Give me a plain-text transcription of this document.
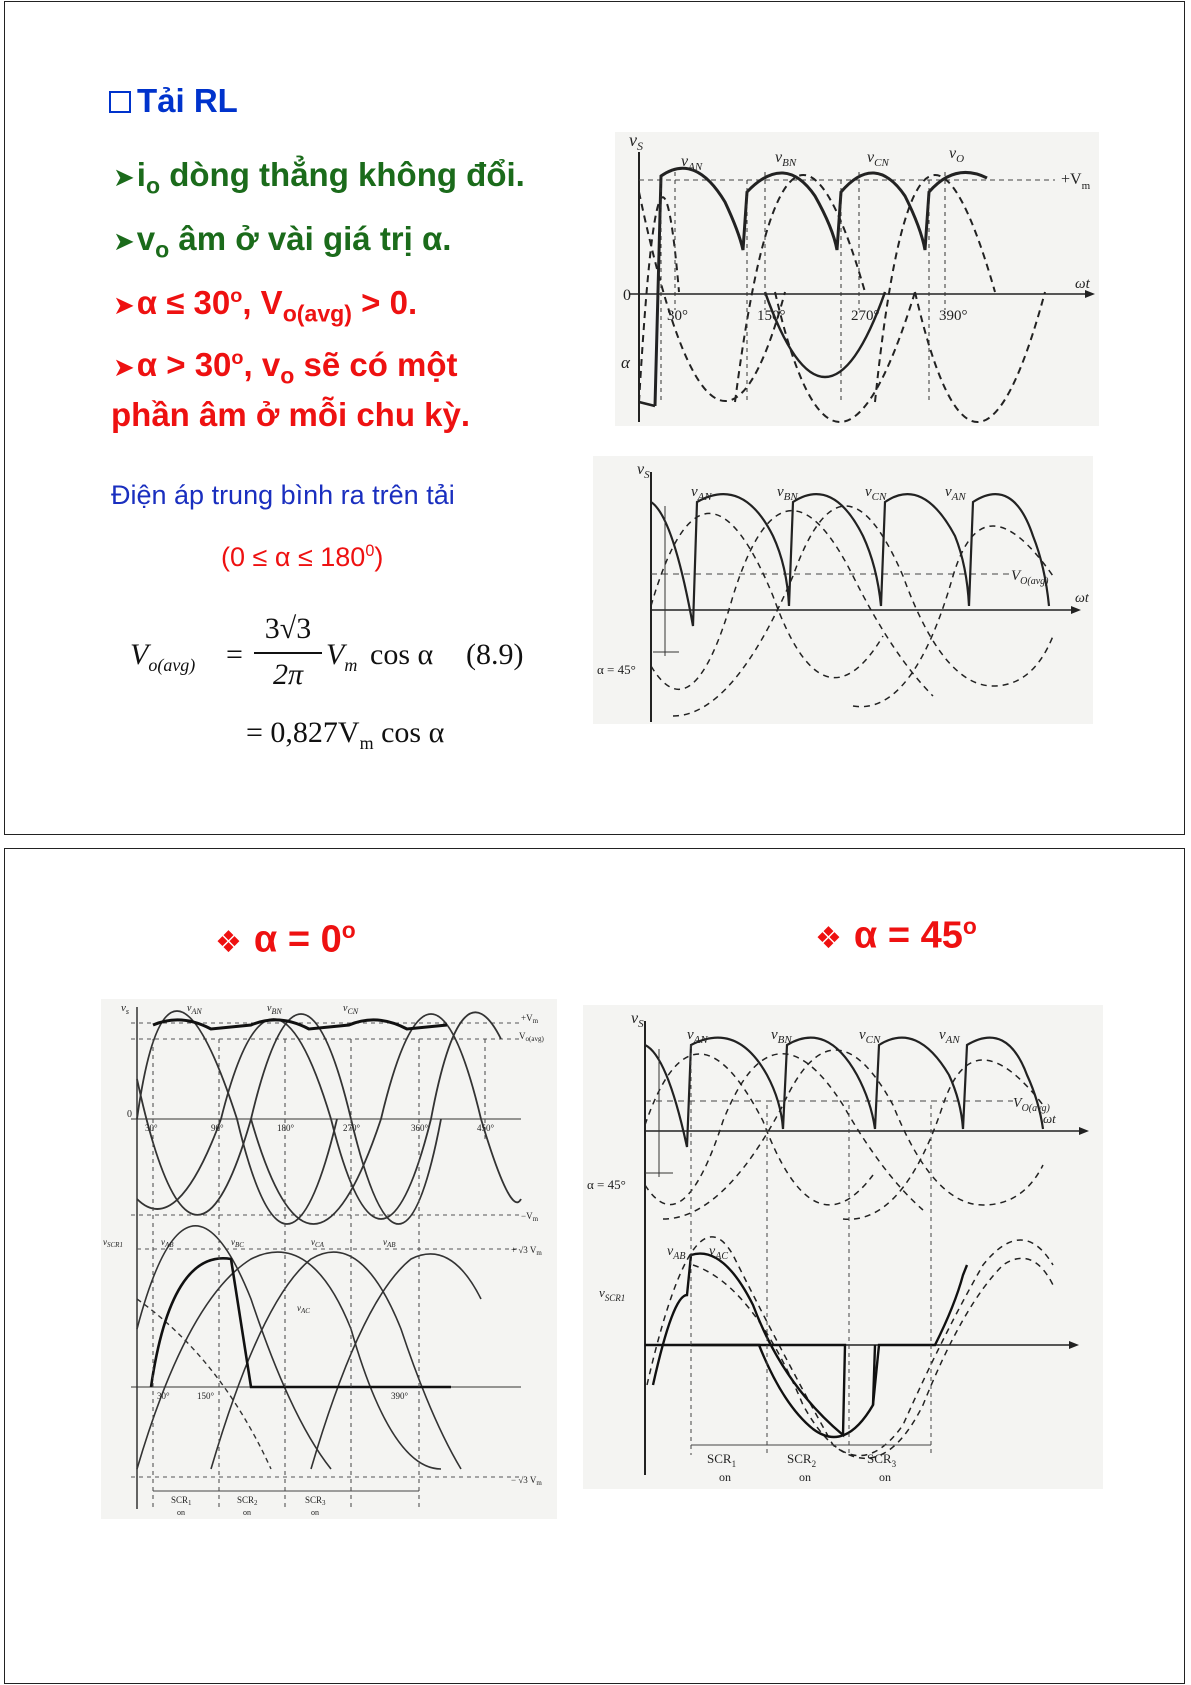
Tải RL
$➤i_o$ dòng thẳng không đổi.
$➤v_o$ âm ở vài giá trị α.
➤α ≤ $30^o$, $V_{o(avg)} > 0$.
➤α > $30^o$, $v_o$ sẽ có một
phần âm ở mỗi chu kỳ.
Điện áp trung bình ra trên tải
$(0 \le \alpha \le 180^0)$
$V_{o(avg)}$ =
3√3
2π
$V_m$ cos α (8.9)
= $0,827V_m$ cos α
$v_S$
$v_{AN}$
$v_{BN}$	$v_{CN}$
$v_O$
$+V_m$
0
ωt
α
30°	150°	270°	390°
$v_S$
$v_{AN}$	$v_{BN}$	$v_{CN}$	$v_{AN}$
$V_{O(avg)}$
ωt
α = 45°
❖ $\alpha = 0^o$	❖ $\alpha = 45^o$
$v_s$	$v_{AN}$	$v_{BN}$	$v_{CN}$
$+V_m$
$V_{o(avg)}$
0
30°	90°	180°	270°	360°	450°
$-V_m$
$v_{SCR1}$	$v_{AB}$	$v_{BC}$	$v_{CA}$	$v_{AB}$
$v_{AC}$
+ √3 $V_m$
− √3 $V_m$
30°	150°	390°
$SCR_1$	$SCR_2$	$SCR_3$
on	on	on
$v_S$
$v_{AN}$	$v_{BN}$	$v_{CN}$	$v_{AN}$
$V_{O(avg)}$
ωt
α = 45°
$v_{AB}$ $v_{AC}$
$v_{SCR1}$
$SCR_1$	$SCR_2$	$SCR_3$
on	on	on
